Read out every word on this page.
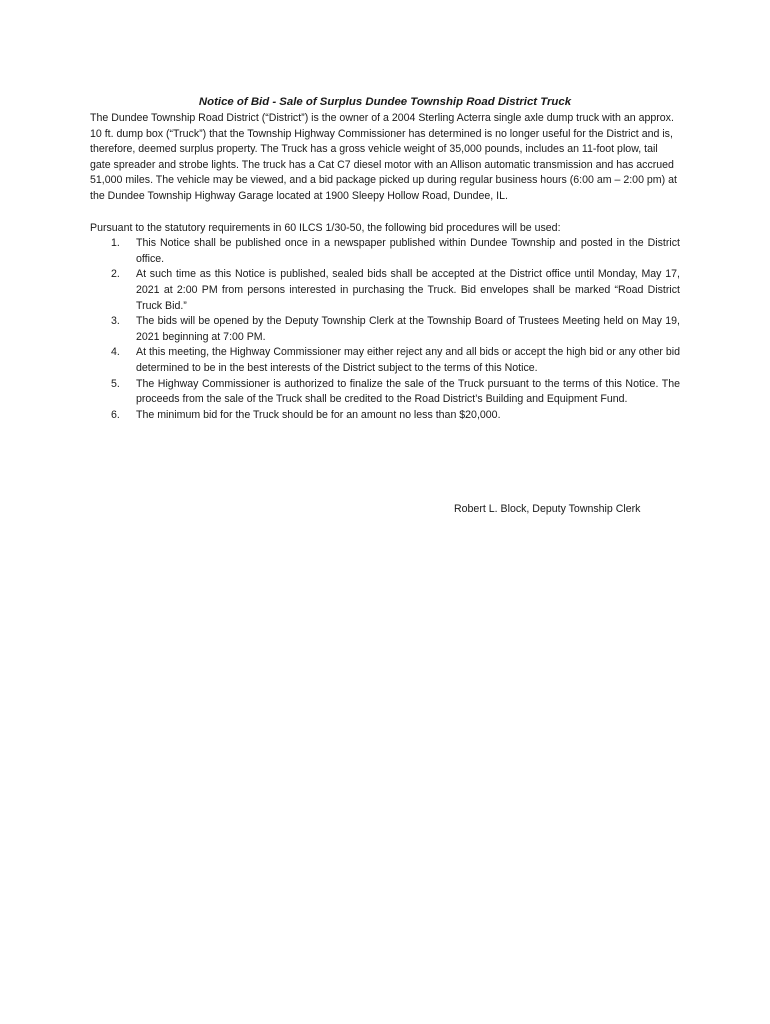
Notice of Bid - Sale of Surplus Dundee Township Road District Truck

The Dundee Township Road District (“District”) is the owner of a 2004 Sterling Acterra single axle dump truck with an approx. 10 ft. dump box (“Truck”) that the Township Highway Commissioner has determined is no longer useful for the District and is, therefore, deemed surplus property. The Truck has a gross vehicle weight of 35,000 pounds, includes an 11-foot plow, tail gate spreader and strobe lights. The truck has a Cat C7 diesel motor with an Allison automatic transmission and has accrued 51,000 miles. The vehicle may be viewed, and a bid package picked up during regular business hours (6:00 am – 2:00 pm) at the Dundee Township Highway Garage located at 1900 Sleepy Hollow Road, Dundee, IL.

Pursuant to the statutory requirements in 60 ILCS 1/30-50, the following bid procedures will be used:

1. This Notice shall be published once in a newspaper published within Dundee Township and posted in the District office.
2. At such time as this Notice is published, sealed bids shall be accepted at the District office until Monday, May 17, 2021 at 2:00 PM from persons interested in purchasing the Truck. Bid envelopes shall be marked “Road District Truck Bid.”
3. The bids will be opened by the Deputy Township Clerk at the Township Board of Trustees Meeting held on May 19, 2021 beginning at 7:00 PM.
4. At this meeting, the Highway Commissioner may either reject any and all bids or accept the high bid or any other bid determined to be in the best interests of the District subject to the terms of this Notice.
5. The Highway Commissioner is authorized to finalize the sale of the Truck pursuant to the terms of this Notice. The proceeds from the sale of the Truck shall be credited to the Road District’s Building and Equipment Fund.
6. The minimum bid for the Truck should be for an amount no less than $20,000.
Robert L. Block, Deputy Township Clerk
